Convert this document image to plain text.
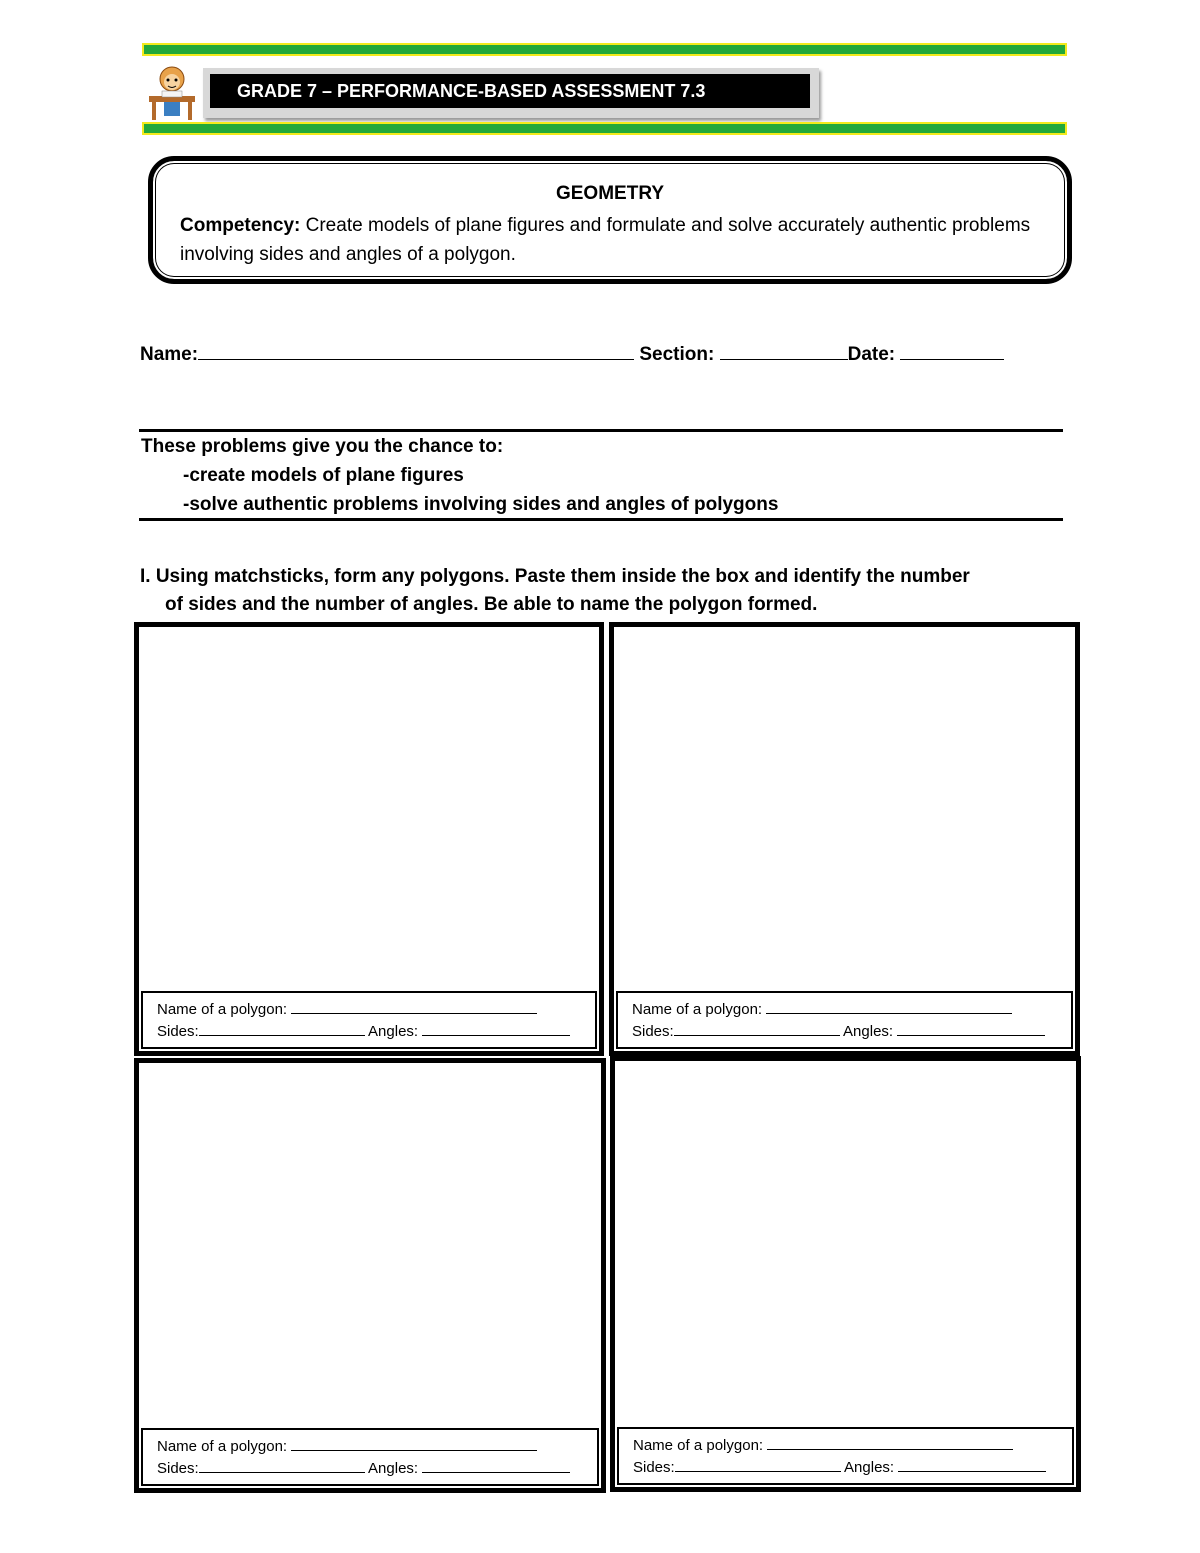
GRADE 7 – PERFORMANCE-BASED ASSESSMENT 7.3
GEOMETRY
Competency: Create models of plane figures and formulate and solve accurately authentic problems involving sides and angles of a polygon.
Name:	Section:	Date:
These problems give you the chance to:
-create models of plane figures
-solve authentic problems involving sides and angles of polygons
I. Using matchsticks, form any polygons. Paste them inside the box and identify the number
of sides and the number of angles. Be able to name the polygon formed.
Name of a polygon:
Sides:	Angles:
Name of a polygon:
Sides:	Angles:
Name of a polygon:
Sides:	Angles:
Name of a polygon:
Sides:	Angles:
